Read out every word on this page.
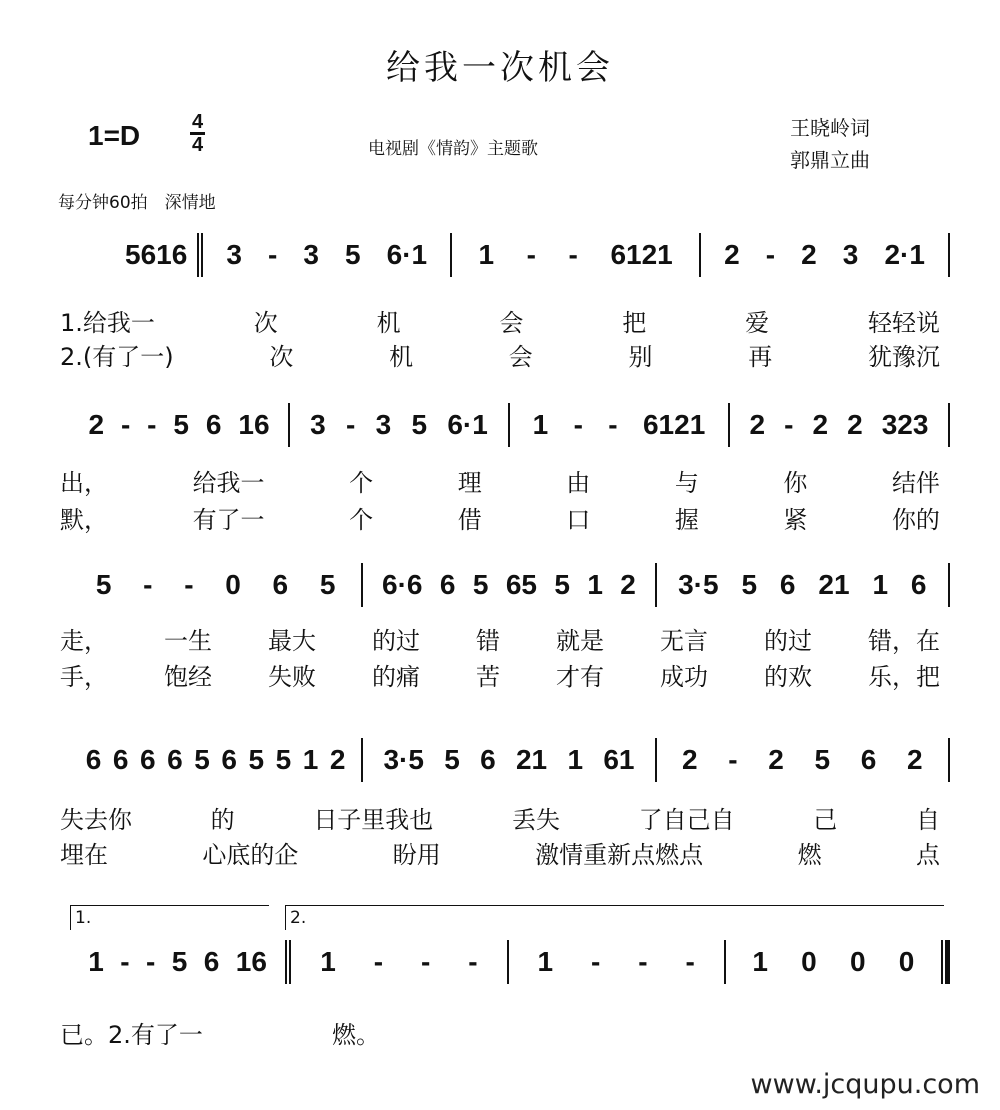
给我一次机会
1=D	4
4	电视剧《情韵》主题歌
王晓岭词
郭鼎立曲
每分钟60拍　深情地
5 6 16 3 - 3 5 6·1 1 - - 6121 2 - 2 3 2·1
1.给我一	次	机	会	把	爱	轻轻说
2.(有了一)	次	机	会	别	再	犹豫沉
2 - - 5 6 16 3 - 3 5 6·1 1 - - 6121 2 - 2 2 323
出，	给我一	个	理	由	与	你	结伴
默，	有了一	个	借	口	握	紧	你的
5 - - 0 6 5 6·6 6 5 65 5 1 2 3·5 5 6 21 1 6
走， 一生 最大 的过 错 就是 无言 的过 错，在
手， 饱经 失败 的痛 苦 才有 成功 的欢 乐，把
6 6 6 6 5 6 5 5 1 2 3·5 5 6 21 1 61 2 - 2 5 6 2
失去你	的	日子里我也	丢失	了自己自	己	自
埋在	心底的企	盼用	激情重新点燃点	燃	点
1 - - 5 6 16 1 - - - 1 - - - 1 0 0 0
1.	2.
已。2.有了一	燃。
www.jcqupu.com
